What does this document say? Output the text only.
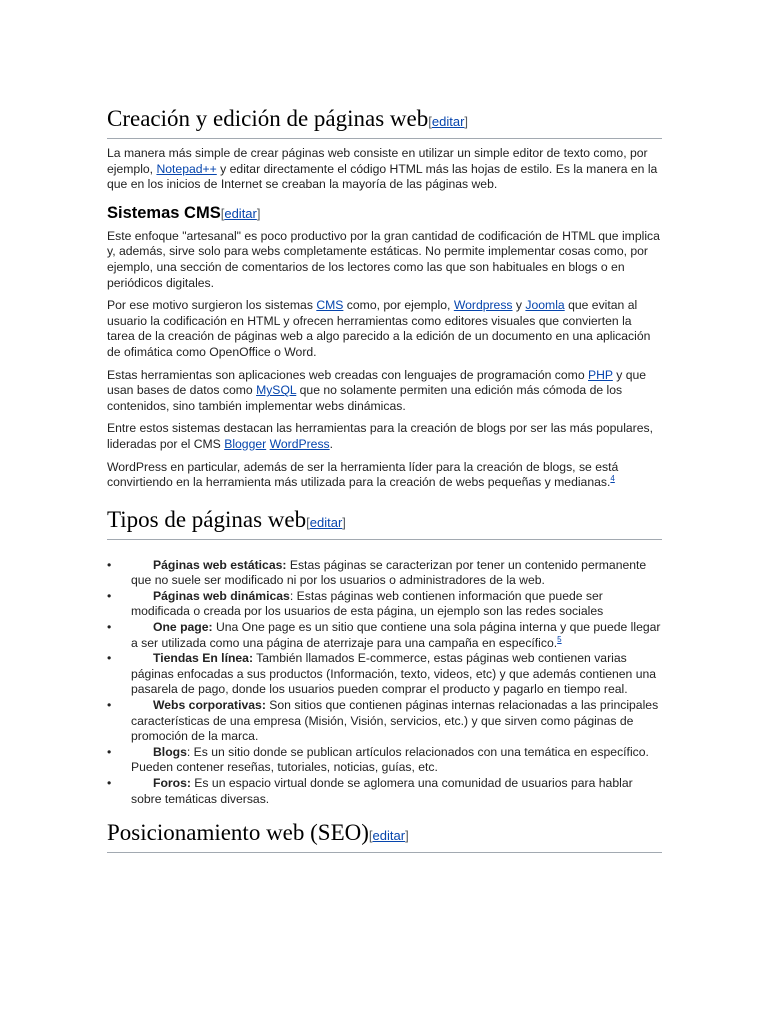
Creación y edición de páginas web[editar]

La manera más simple de crear páginas web consiste en utilizar un simple editor de texto como, por ejemplo, Notepad++ y editar directamente el código HTML más las hojas de estilo. Es la manera en la que en los inicios de Internet se creaban la mayoría de las páginas web.

Sistemas CMS[editar]

Este enfoque "artesanal" es poco productivo por la gran cantidad de codificación de HTML que implica y, además, sirve solo para webs completamente estáticas. No permite implementar cosas como, por ejemplo, una sección de comentarios de los lectores como las que son habituales en blogs o en periódicos digitales.

Por ese motivo surgieron los sistemas CMS como, por ejemplo, Wordpress y Joomla que evitan al usuario la codificación en HTML y ofrecen herramientas como editores visuales que convierten la tarea de la creación de páginas web a algo parecido a la edición de un documento en una aplicación de ofimática como OpenOffice o Word.

Estas herramientas son aplicaciones web creadas con lenguajes de programación como PHP y que usan bases de datos como MySQL que no solamente permiten una edición más cómoda de los contenidos, sino también implementar webs dinámicas.

Entre estos sistemas destacan las herramientas para la creación de blogs por ser las más populares, lideradas por el CMS Blogger WordPress.

WordPress en particular, además de ser la herramienta líder para la creación de blogs, se está convirtiendo en la herramienta más utilizada para la creación de webs pequeñas y medianas.$^4$

Tipos de páginas web[editar]
•	Páginas web estáticas: Estas páginas se caracterizan por tener un contenido permanente que no suele ser modificado ni por los usuarios o administradores de la web.
•	Páginas web dinámicas: Estas páginas web contienen información que puede ser modificada o creada por los usuarios de esta página, un ejemplo son las redes sociales
•	One page: Una One page es un sitio que contiene una sola página interna y que puede llegar a ser utilizada como una página de aterrizaje para una campaña en específico.$^5$
•	Tiendas En línea: También llamados E-commerce, estas páginas web contienen varias páginas enfocadas a sus productos (Información, texto, videos, etc) y que además contienen una pasarela de pago, donde los usuarios pueden comprar el producto y pagarlo en tiempo real.
•	Webs corporativas: Son sitios que contienen páginas internas relacionadas a las principales características de una empresa (Misión, Visión, servicios, etc.) y que sirven como páginas de promoción de la marca.
•	Blogs: Es un sitio donde se publican artículos relacionados con una temática en específico. Pueden contener reseñas, tutoriales, noticias, guías, etc.
•	Foros: Es un espacio virtual donde se aglomera una comunidad de usuarios para hablar sobre temáticas diversas.
Posicionamiento web (SEO)[editar]
